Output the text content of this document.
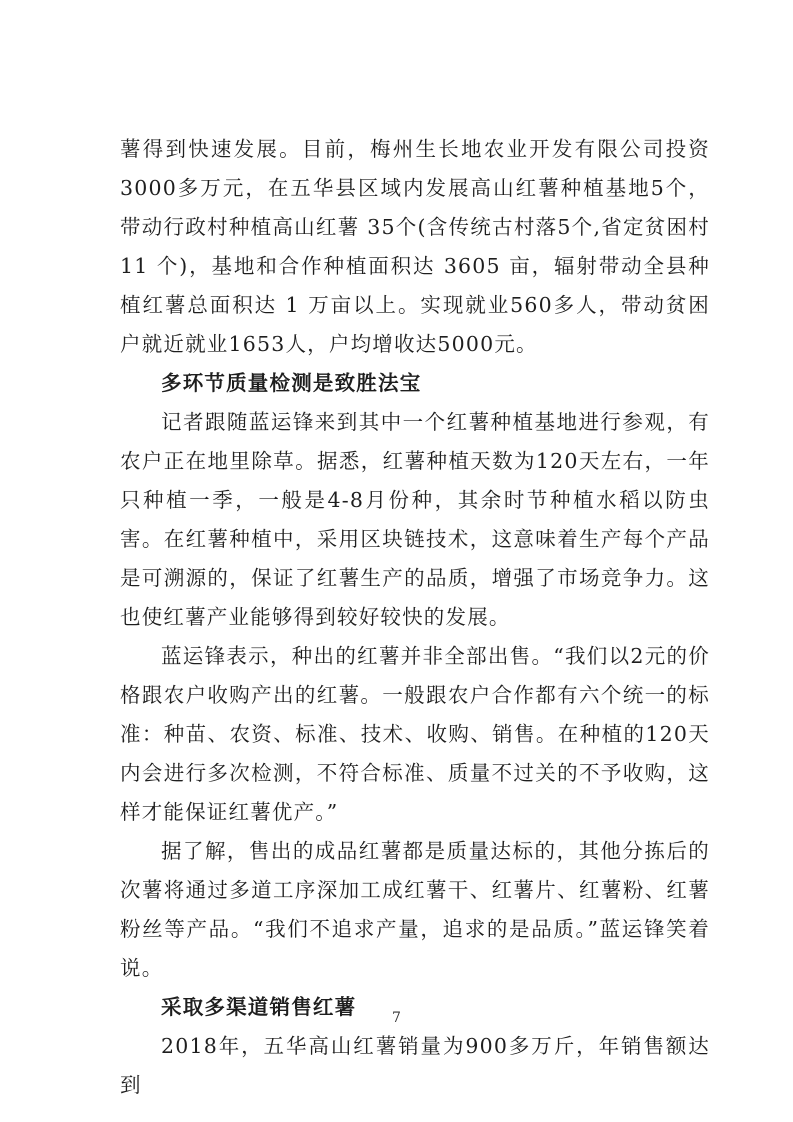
薯得到快速发展。目前，梅州生长地农业开发有限公司投资3000多万元，在五华县区域内发展高山红薯种植基地5个，带动行政村种植高山红薯 35个(含传统古村落5个,省定贫困村11 个)，基地和合作种植面积达 3605 亩，辐射带动全县种植红薯总面积达 1 万亩以上。实现就业560多人，带动贫困户就近就业1653人，户均增收达5000元。

多环节质量检测是致胜法宝

记者跟随蓝运锋来到其中一个红薯种植基地进行参观，有农户正在地里除草。据悉，红薯种植天数为120天左右，一年只种植一季，一般是4-8月份种，其余时节种植水稻以防虫害。在红薯种植中，采用区块链技术，这意味着生产每个产品是可溯源的，保证了红薯生产的品质，增强了市场竞争力。这也使红薯产业能够得到较好较快的发展。

蓝运锋表示，种出的红薯并非全部出售。“我们以2元的价格跟农户收购产出的红薯。一般跟农户合作都有六个统一的标准：种苗、农资、标准、技术、收购、销售。在种植的120天内会进行多次检测，不符合标准、质量不过关的不予收购，这样才能保证红薯优产。”

据了解，售出的成品红薯都是质量达标的，其他分拣后的次薯将通过多道工序深加工成红薯干、红薯片、红薯粉、红薯粉丝等产品。“我们不追求产量，追求的是品质。”蓝运锋笑着说。

采取多渠道销售红薯

2018年，五华高山红薯销量为900多万斤，年销售额达到

7
